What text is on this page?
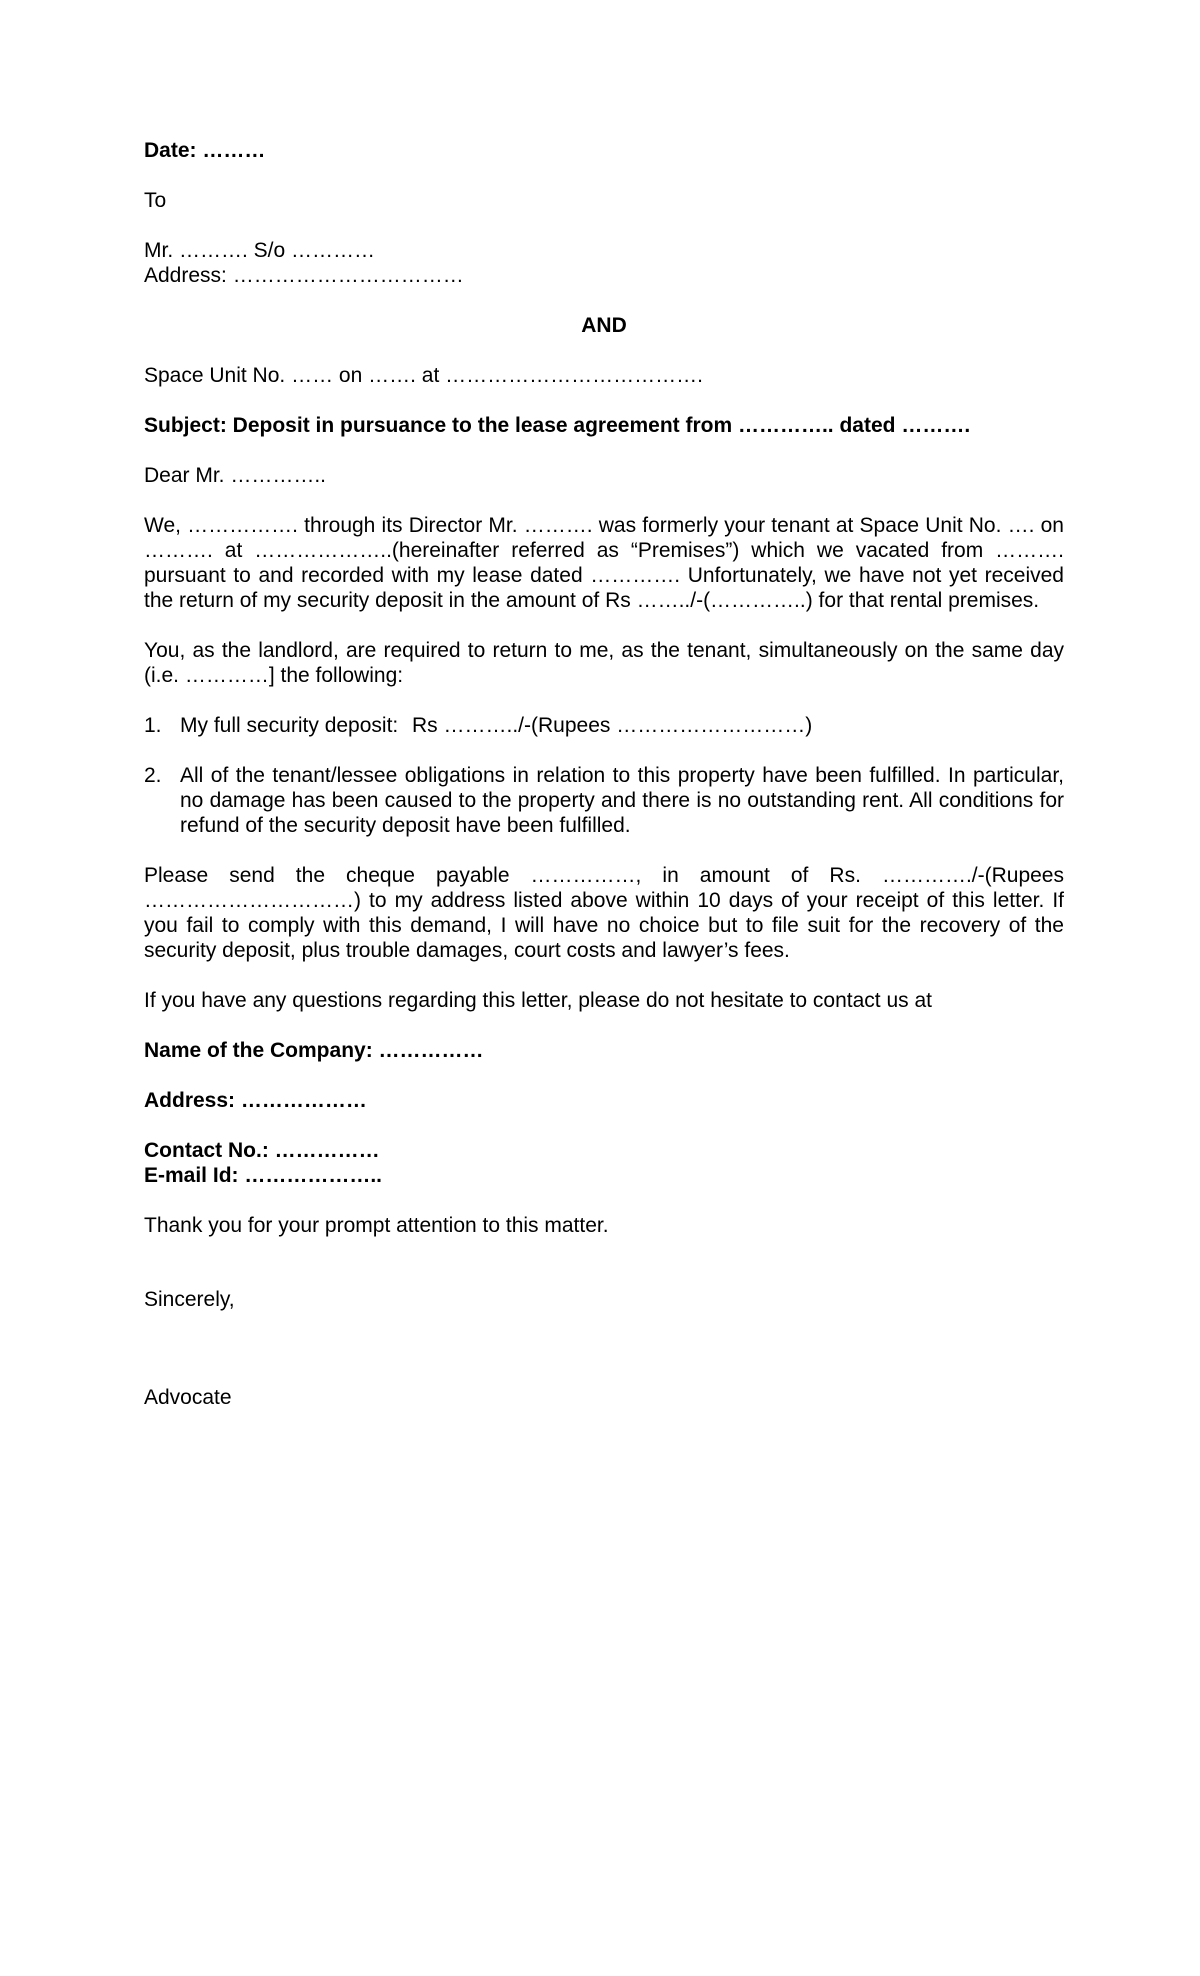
Date: ………

To

Mr. ………. S/o …………

Address: ……………………………

AND

Space Unit No. …… on ……. at ……………………………….

Subject: Deposit in pursuance to the lease agreement from ………….. dated ……….

Dear Mr. …………..

We, ……………. through its Director Mr. ………. was formerly your tenant at Space Unit No. …. on ………. at ………………..(hereinafter referred as “Premises”) which we vacated from ………. pursuant to and recorded with my lease dated …………. Unfortunately, we have not yet received the return of my security deposit in the amount of Rs ……../-(…………..) for that rental premises.

You, as the landlord, are required to return to me, as the tenant, simultaneously on the same day (i.e. …………] the following:

1. My full security deposit: Rs ………../-(Rupees ………………………)
2. All of the tenant/lessee obligations in relation to this property have been fulfilled. In particular, no damage has been caused to the property and there is no outstanding rent. All conditions for refund of the security deposit have been fulfilled.

Please send the cheque payable ……………, in amount of Rs. …………./-(Rupees …………………………) to my address listed above within 10 days of your receipt of this letter. If you fail to comply with this demand, I will have no choice but to file suit for the recovery of the security deposit, plus trouble damages, court costs and lawyer’s fees.

If you have any questions regarding this letter, please do not hesitate to contact us at

Name of the Company: ……………

Address: ………………

Contact No.: ……………

E-mail Id: ………………..

Thank you for your prompt attention to this matter.

Sincerely,

Advocate
